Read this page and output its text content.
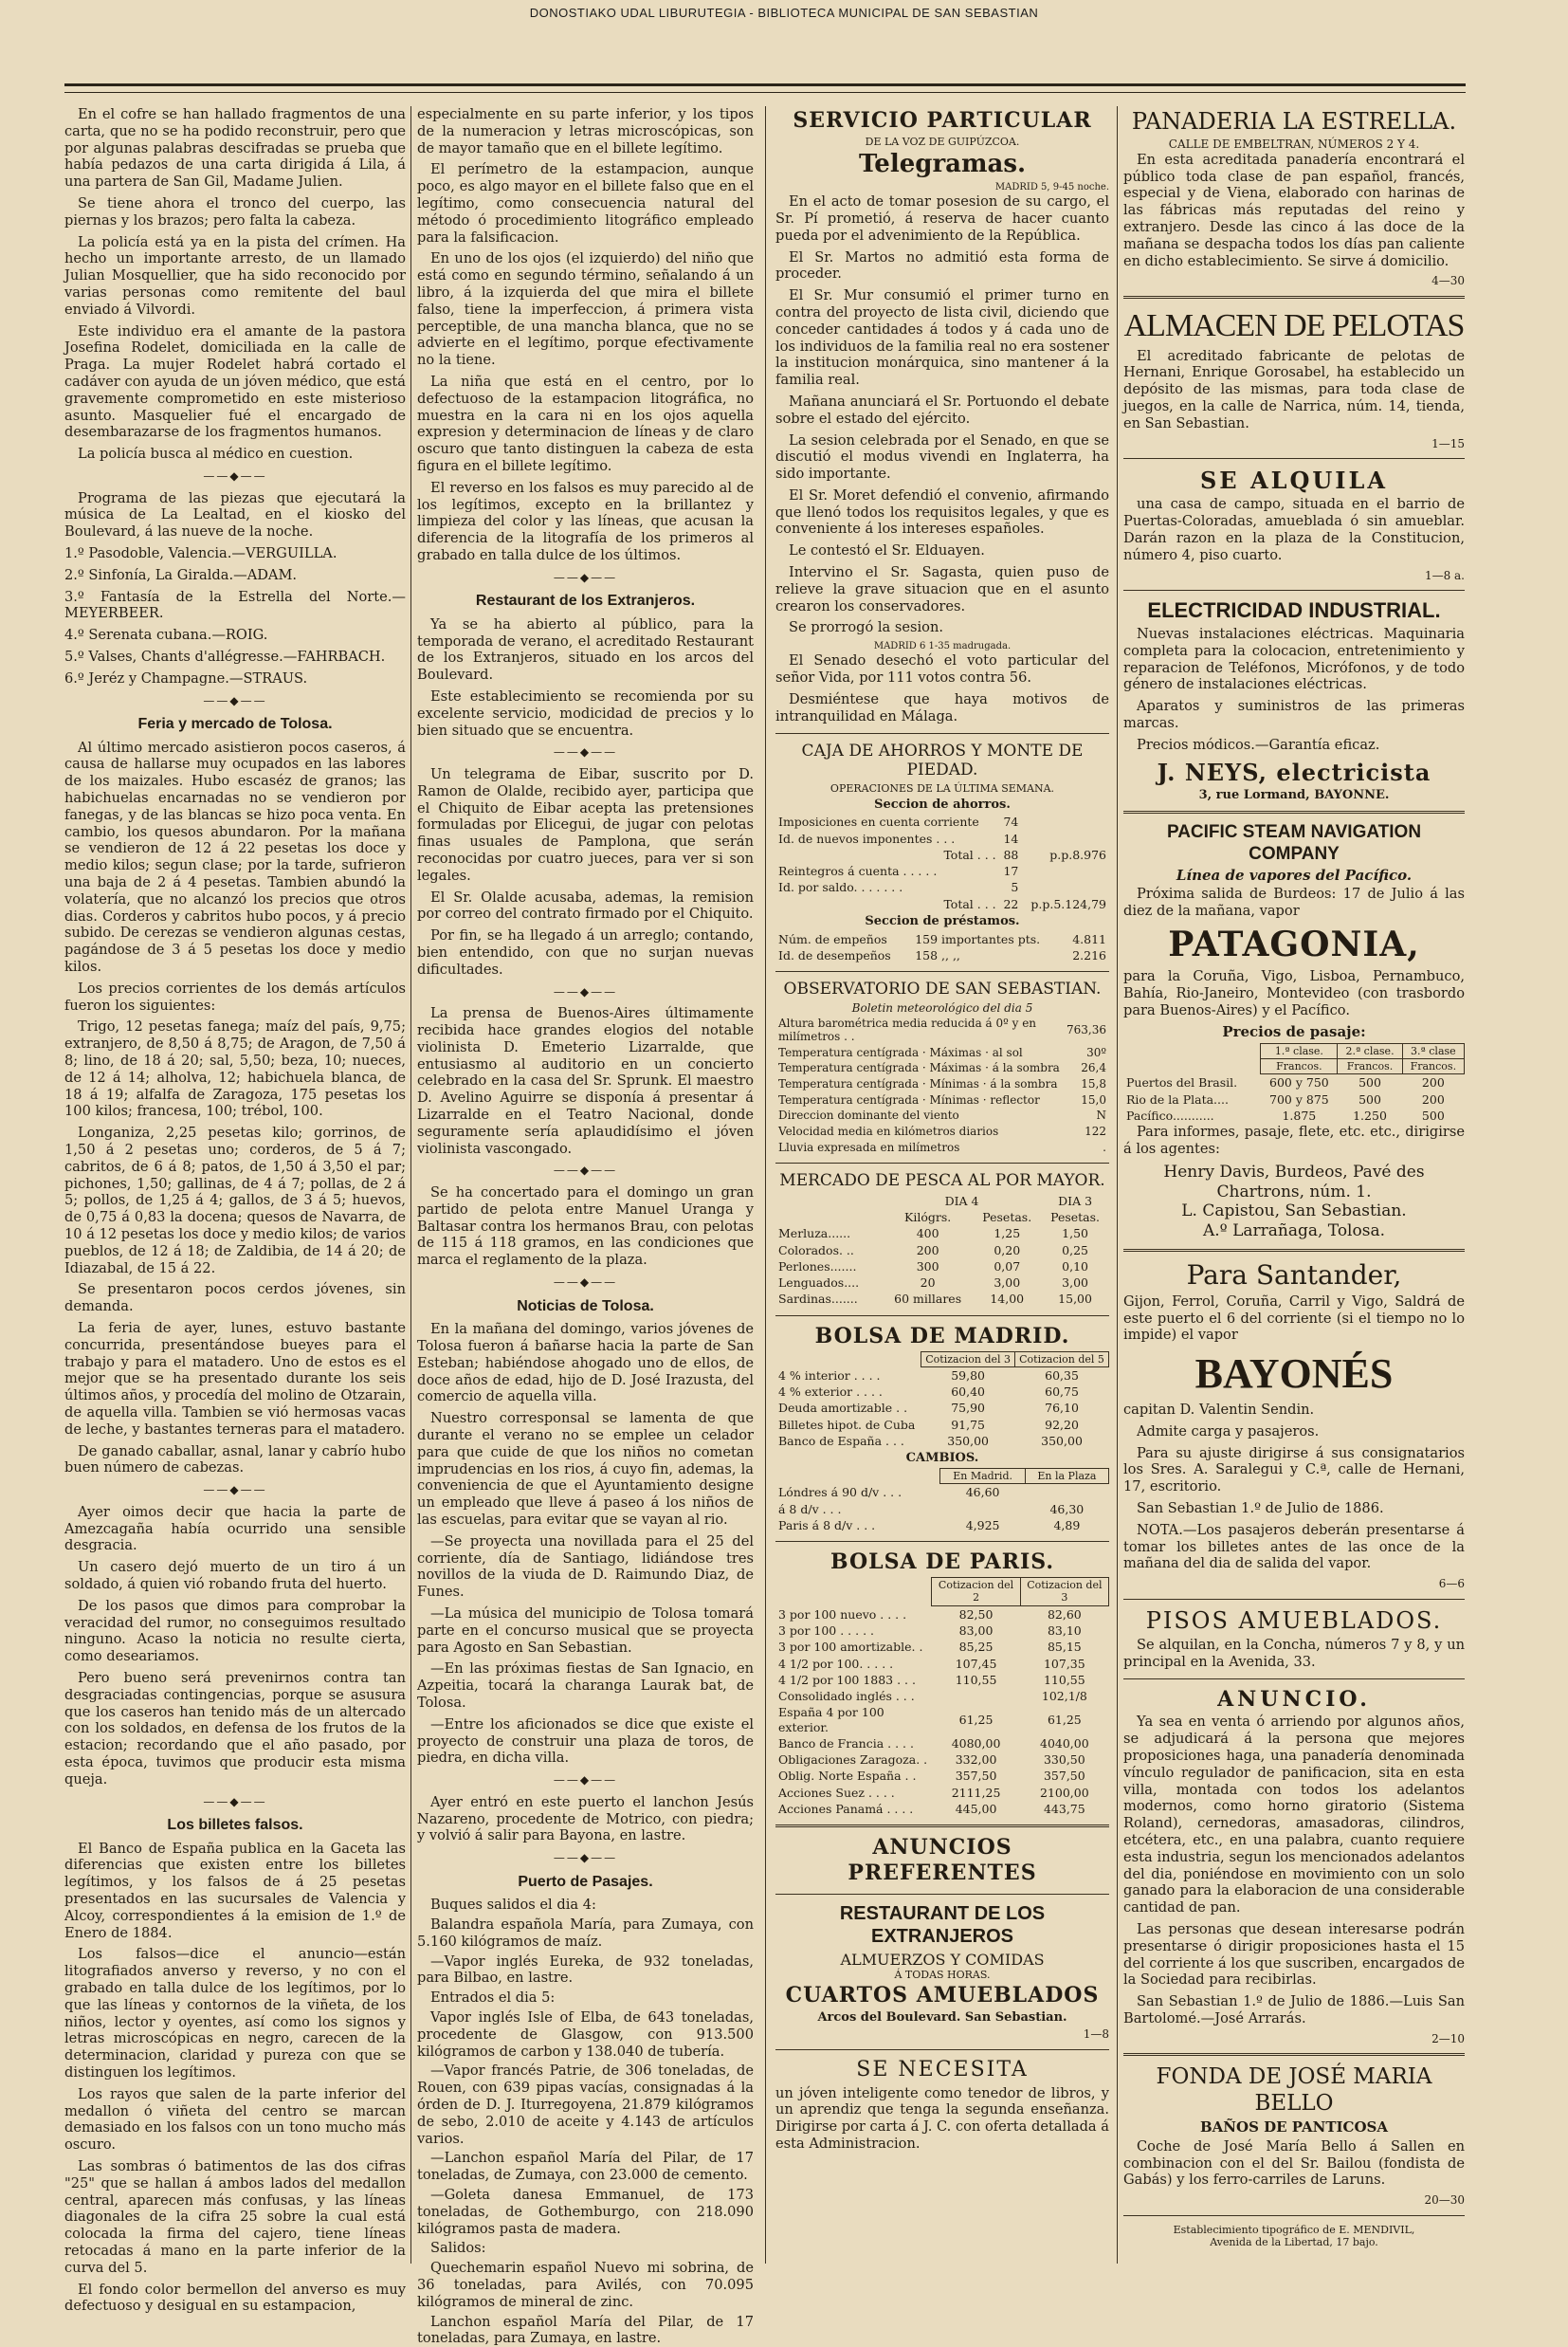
DONOSTIAKO UDAL LIBURUTEGIA - BIBLIOTECA MUNICIPAL DE SAN SEBASTIAN

En el cofre se han hallado fragmentos de una carta, que no se ha podido reconstruir, pero que por algunas palabras descifradas se prueba que había pedazos de una carta dirigida á Lila, á una partera de San Gil, Madame Julien.

Se tiene ahora el tronco del cuerpo, las piernas y los brazos; pero falta la cabeza.

La policía está ya en la pista del crímen. Ha hecho un importante arresto, de un llamado Julian Mosquellier, que ha sido reconocido por varias personas como remitente del baul enviado á Vilvordi.

Este individuo era el amante de la pastora Josefina Rodelet, domiciliada en la calle de Praga. La mujer Rodelet habrá cortado el cadáver con ayuda de un jóven médico, que está gravemente comprometido en este misterioso asunto. Masquelier fué el encargado de desembarazarse de los fragmentos humanos.

La policía busca al médico en cuestion.

——◆——

Programa de las piezas que ejecutará la música de La Lealtad, en el kiosko del Boulevard, á las nueve de la noche.

1.º Pasodoble, Valencia.—VERGUILLA.

2.º Sinfonía, La Giralda.—ADAM.

3.º Fantasía de la Estrella del Norte.—MEYERBEER.

4.º Serenata cubana.—ROIG.

5.º Valses, Chants d'allégresse.—FAHRBACH.

6.º Jeréz y Champagne.—STRAUS.

——◆——
Feria y mercado de Tolosa.

Al último mercado asistieron pocos caseros, á causa de hallarse muy ocupados en las labores de los maizales. Hubo escaséz de granos; las habichuelas encarnadas no se vendieron por fanegas, y de las blancas se hizo poca venta. En cambio, los quesos abundaron. Por la mañana se vendieron de 12 á 22 pesetas los doce y medio kilos; segun clase; por la tarde, sufrieron una baja de 2 á 4 pesetas. Tambien abundó la volatería, que no alcanzó los precios que otros dias. Corderos y cabritos hubo pocos, y á precio subido. De cerezas se vendieron algunas cestas, pagándose de 3 á 5 pesetas los doce y medio kilos.

Los precios corrientes de los demás artículos fueron los siguientes:

Trigo, 12 pesetas fanega; maíz del país, 9,75; extranjero, de 8,50 á 8,75; de Aragon, de 7,50 á 8; lino, de 18 á 20; sal, 5,50; beza, 10; nueces, de 12 á 14; alholva, 12; habichuela blanca, de 18 á 19; alfalfa de Zaragoza, 175 pesetas los 100 kilos; francesa, 100; trébol, 100.

Longaniza, 2,25 pesetas kilo; gorrinos, de 1,50 á 2 pesetas uno; corderos, de 5 á 7; cabritos, de 6 á 8; patos, de 1,50 á 3,50 el par; pichones, 1,50; gallinas, de 4 á 7; pollas, de 2 á 5; pollos, de 1,25 á 4; gallos, de 3 á 5; huevos, de 0,75 á 0,83 la docena; quesos de Navarra, de 10 á 12 pesetas los doce y medio kilos; de varios pueblos, de 12 á 18; de Zaldibia, de 14 á 20; de Idiazabal, de 15 á 22.

Se presentaron pocos cerdos jóvenes, sin demanda.

La feria de ayer, lunes, estuvo bastante concurrida, presentándose bueyes para el trabajo y para el matadero. Uno de estos es el mejor que se ha presentado durante los seis últimos años, y procedía del molino de Otzarain, de aquella villa. Tambien se vió hermosas vacas de leche, y bastantes terneras para el matadero.

De ganado caballar, asnal, lanar y cabrío hubo buen número de cabezas.

——◆——

Ayer oimos decir que hacia la parte de Amezcagaña había ocurrido una sensible desgracia.

Un casero dejó muerto de un tiro á un soldado, á quien vió robando fruta del huerto.

De los pasos que dimos para comprobar la veracidad del rumor, no conseguimos resultado ninguno. Acaso la noticia no resulte cierta, como deseariamos.

Pero bueno será prevenirnos contra tan desgraciadas contingencias, porque se asusura que los caseros han tenido más de un altercado con los soldados, en defensa de los frutos de la estacion; recordando que el año pasado, por esta época, tuvimos que producir esta misma queja.

——◆——
Los billetes falsos.

El Banco de España publica en la Gaceta las diferencias que existen entre los billetes legítimos, y los falsos de á 25 pesetas presentados en las sucursales de Valencia y Alcoy, correspondientes á la emision de 1.º de Enero de 1884.

Los falsos—dice el anuncio—están litografiados anverso y reverso, y no con el grabado en talla dulce de los legítimos, por lo que las líneas y contornos de la viñeta, de los niños, lector y oyentes, así como los signos y letras microscópicas en negro, carecen de la determinacion, claridad y pureza con que se distinguen los legítimos.

Los rayos que salen de la parte inferior del medallon ó viñeta del centro se marcan demasiado en los falsos con un tono mucho más oscuro.

Las sombras ó batimentos de las dos cifras "25" que se hallan á ambos lados del medallon central, aparecen más confusas, y las líneas diagonales de la cifra 25 sobre la cual está colocada la firma del cajero, tiene líneas retocadas á mano en la parte inferior de la curva del 5.

El fondo color bermellon del anverso es muy defectuoso y desigual en su estampacion,

especialmente en su parte inferior, y los tipos de la numeracion y letras microscópicas, son de mayor tamaño que en el billete legítimo.

El perímetro de la estampacion, aunque poco, es algo mayor en el billete falso que en el legítimo, como consecuencia natural del método ó procedimiento litográfico empleado para la falsificacion.

En uno de los ojos (el izquierdo) del niño que está como en segundo término, señalando á un libro, á la izquierda del que mira el billete falso, tiene la imperfeccion, á primera vista perceptible, de una mancha blanca, que no se advierte en el legítimo, porque efectivamente no la tiene.

La niña que está en el centro, por lo defectuoso de la estampacion litográfica, no muestra en la cara ni en los ojos aquella expresion y determinacion de líneas y de claro oscuro que tanto distinguen la cabeza de esta figura en el billete legítimo.

El reverso en los falsos es muy parecido al de los legítimos, excepto en la brillantez y limpieza del color y las líneas, que acusan la diferencia de la litografía de los primeros al grabado en talla dulce de los últimos.

——◆——
Restaurant de los Extranjeros.

Ya se ha abierto al público, para la temporada de verano, el acreditado Restaurant de los Extranjeros, situado en los arcos del Boulevard.

Este establecimiento se recomienda por su excelente servicio, modicidad de precios y lo bien situado que se encuentra.

——◆——

Un telegrama de Eibar, suscrito por D. Ramon de Olalde, recibido ayer, participa que el Chiquito de Eibar acepta las pretensiones formuladas por Elicegui, de jugar con pelotas finas usuales de Pamplona, que serán reconocidas por cuatro jueces, para ver si son legales.

El Sr. Olalde acusaba, ademas, la remision por correo del contrato firmado por el Chiquito.

Por fin, se ha llegado á un arreglo; contando, bien entendido, con que no surjan nuevas dificultades.

——◆——

La prensa de Buenos-Aires últimamente recibida hace grandes elogios del notable violinista D. Emeterio Lizarralde, que entusiasmo al auditorio en un concierto celebrado en la casa del Sr. Sprunk. El maestro D. Avelino Aguirre se disponía á presentar á Lizarralde en el Teatro Nacional, donde seguramente sería aplaudidísimo el jóven violinista vascongado.

——◆——

Se ha concertado para el domingo un gran partido de pelota entre Manuel Uranga y Baltasar contra los hermanos Brau, con pelotas de 115 á 118 gramos, en las condiciones que marca el reglamento de la plaza.

——◆——
Noticias de Tolosa.

En la mañana del domingo, varios jóvenes de Tolosa fueron á bañarse hacia la parte de San Esteban; habiéndose ahogado uno de ellos, de doce años de edad, hijo de D. José Irazusta, del comercio de aquella villa.

Nuestro corresponsal se lamenta de que durante el verano no se emplee un celador para que cuide de que los niños no cometan imprudencias en los rios, á cuyo fin, ademas, la conveniencia de que el Ayuntamiento designe un empleado que lleve á paseo á los niños de las escuelas, para evitar que se vayan al rio.

—Se proyecta una novillada para el 25 del corriente, día de Santiago, lidiándose tres novillos de la viuda de D. Raimundo Diaz, de Funes.

—La música del municipio de Tolosa tomará parte en el concurso musical que se proyecta para Agosto en San Sebastian.

—En las próximas fiestas de San Ignacio, en Azpeitia, tocará la charanga Laurak bat, de Tolosa.

—Entre los aficionados se dice que existe el proyecto de construir una plaza de toros, de piedra, en dicha villa.

——◆——

Ayer entró en este puerto el lanchon Jesús Nazareno, procedente de Motrico, con piedra; y volvió á salir para Bayona, en lastre.

——◆——
Puerto de Pasajes.

Buques salidos el dia 4:

Balandra española María, para Zumaya, con 5.160 kilógramos de maíz.

—Vapor inglés Eureka, de 932 toneladas, para Bilbao, en lastre.

Entrados el dia 5:

Vapor inglés Isle of Elba, de 643 toneladas, procedente de Glasgow, con 913.500 kilógramos de carbon y 138.040 de tubería.

—Vapor francés Patrie, de 306 toneladas, de Rouen, con 639 pipas vacías, consignadas á la órden de D. J. Iturregoyena, 21.879 kilógramos de sebo, 2.010 de aceite y 4.143 de artículos varios.

—Lanchon español María del Pilar, de 17 toneladas, de Zumaya, con 23.000 de cemento.

—Goleta danesa Emmanuel, de 173 toneladas, de Gothemburgo, con 218.090 kilógramos pasta de madera.

Salidos:

Quechemarin español Nuevo mi sobrina, de 36 toneladas, para Avilés, con 70.095 kilógramos de mineral de zinc.

Lanchon español María del Pilar, de 17 toneladas, para Zumaya, en lastre.

SERVICIO PARTICULAR
DE LA VOZ DE GUIPÚZCOA.
Telegramas.
MADRID 5, 9-45 noche.

En el acto de tomar posesion de su cargo, el Sr. Pí prometió, á reserva de hacer cuanto pueda por el advenimiento de la República.

El Sr. Martos no admitió esta forma de proceder.

El Sr. Mur consumió el primer turno en contra del proyecto de lista civil, diciendo que conceder cantidades á todos y á cada uno de los individuos de la familia real no era sostener la institucion monárquica, sino mantener á la familia real.

Mañana anunciará el Sr. Portuondo el debate sobre el estado del ejército.

La sesion celebrada por el Senado, en que se discutió el modus vivendi en Inglaterra, ha sido importante.

El Sr. Moret defendió el convenio, afirmando que llenó todos los requisitos legales, y que es conveniente á los intereses españoles.

Le contestó el Sr. Elduayen.

Intervino el Sr. Sagasta, quien puso de relieve la grave situacion que en el asunto crearon los conservadores.

Se prorrogó la sesion.

MADRID 6 1-35 madrugada.

El Senado desechó el voto particular del señor Vida, por 111 votos contra 56.

Desmiéntese que haya motivos de intranquilidad en Málaga.

CAJA DE AHORROS Y MONTE DE PIEDAD.
OPERACIONES DE LA ÚLTIMA SEMANA.
Seccion de ahorros.
Imposiciones en cuenta corriente	74	
Id. de nuevos imponentes . . .	14	
Total . . .	88	p.p.8.976
Reintegros á cuenta . . . . .	17	
Id. por saldo. . . . . . .	5	
Total . . .	22	p.p.5.124,79
Seccion de préstamos.
Núm. de empeños	159 importantes pts.	4.811
Id. de desempeños	158 ,, ,,	2.216
OBSERVATORIO DE SAN SEBASTIAN.
Boletin meteorológico del dia 5
Altura barométrica media reducida á 0º y en milímetros . .	763,36
Temperatura centígrada · Máximas · al sol	30º
Temperatura centígrada · Máximas · á la sombra	26,4
Temperatura centígrada · Mínimas · á la sombra	15,8
Temperatura centígrada · Mínimas · reflector	15,0
Direccion dominante del viento	N
Velocidad media en kilómetros diarios	122
Lluvia expresada en milímetros	.
MERCADO DE PESCA AL POR MAYOR.
	DIA 4		DIA 3
	Kilógrs.	Pesetas.	Pesetas.
Merluza......	400	1,25	1,50
Colorados. ..	200	0,20	0,25
Perlones.......	300	0,07	0,10
Lenguados....	20	3,00	3,00
Sardinas.......	60 millares	14,00	15,00
BOLSA DE MADRID.
	Cotizacion del 3	Cotizacion del 5
4 % interior . . . .	59,80	60,35
4 % exterior . . . .	60,40	60,75
Deuda amortizable . .	75,90	76,10
Billetes hipot. de Cuba	91,75	92,20
Banco de España . . .	350,00	350,00
CAMBIOS.
	En Madrid.	En la Plaza
Lóndres á 90 d/v . . .	46,60	
á 8 d/v . . .		46,30
Paris á 8 d/v . . .	4,925	4,89
BOLSA DE PARIS.
	Cotizacion del 2	Cotizacion del 3
3 por 100 nuevo . . . .	82,50	82,60
3 por 100 . . . . .	83,00	83,10
3 por 100 amortizable. .	85,25	85,15
4 1/2 por 100. . . . .	107,45	107,35
4 1/2 por 100 1883 . . .	110,55	110,55
Consolidado inglés . . .		102,1/8
España 4 por 100 exterior.	61,25	61,25
Banco de Francia . . . .	4080,00	4040,00
Obligaciones Zaragoza. .	332,00	330,50
Oblig. Norte España . .	357,50	357,50
Acciones Suez . . . .	2111,25	2100,00
Acciones Panamá . . . .	445,00	443,75
ANUNCIOS PREFERENTES
RESTAURANT DE LOS EXTRANJEROS
ALMUERZOS Y COMIDAS
Á TODAS HORAS.
CUARTOS AMUEBLADOS
Arcos del Boulevard. San Sebastian.
1—8
SE NECESITA

un jóven inteligente como tenedor de libros, y un aprendiz que tenga la segunda enseñanza. Dirigirse por carta á J. C. con oferta detallada á esta Administracion.

PANADERIA LA ESTRELLA.
CALLE DE EMBELTRAN, NÚMEROS 2 Y 4.

En esta acreditada panadería encontrará el público toda clase de pan español, francés, especial y de Viena, elaborado con harinas de las fábricas más reputadas del reino y extranjero. Desde las cinco á las doce de la mañana se despacha todos los días pan caliente en dicho establecimiento. Se sirve á domicilio.

4—30
ALMACEN DE PELOTAS

El acreditado fabricante de pelotas de Hernani, Enrique Gorosabel, ha establecido un depósito de las mismas, para toda clase de juegos, en la calle de Narrica, núm. 14, tienda, en San Sebastian.

1—15
SE ALQUILA

una casa de campo, situada en el barrio de Puertas-Coloradas, amueblada ó sin amueblar. Darán razon en la plaza de la Constitucion, número 4, piso cuarto.

1—8 a.
ELECTRICIDAD INDUSTRIAL.

Nuevas instalaciones eléctricas. Maquinaria completa para la colocacion, entretenimiento y reparacion de Teléfonos, Micrófonos, y de todo género de instalaciones eléctricas.

Aparatos y suministros de las primeras marcas.

Precios módicos.—Garantía eficaz.

J. NEYS, electricista
3, rue Lormand, BAYONNE.
PACIFIC STEAM NAVIGATION COMPANY
Línea de vapores del Pacífico.

Próxima salida de Burdeos: 17 de Julio á las diez de la mañana, vapor

PATAGONIA,

para la Coruña, Vigo, Lisboa, Pernambuco, Bahía, Rio-Janeiro, Montevideo (con trasbordo para Buenos-Aires) y el Pacífico.

Precios de pasaje:
	1.ª clase.	2.ª clase.	3.ª clase
	Francos.	Francos.	Francos.
Puertos del Brasil.	600 y 750	500	200
Rio de la Plata....	700 y 875	500	200
Pacífico...........	1.875	1.250	500

Para informes, pasaje, flete, etc. etc., dirigirse á los agentes:

Henry Davis, Burdeos, Pavé des Chartrons, núm. 1.
L. Capistou, San Sebastian.
A.º Larrañaga, Tolosa.
Para Santander,

Gijon, Ferrol, Coruña, Carril y Vigo, Saldrá de este puerto el 6 del corriente (si el tiempo no lo impide) el vapor

BAYONÉS

capitan D. Valentin Sendin.

Admite carga y pasajeros.

Para su ajuste dirigirse á sus consignatarios los Sres. A. Saralegui y C.ª, calle de Hernani, 17, escritorio.

San Sebastian 1.º de Julio de 1886.

NOTA.—Los pasajeros deberán presentarse á tomar los billetes antes de las once de la mañana del dia de salida del vapor.

6—6
PISOS AMUEBLADOS.

Se alquilan, en la Concha, números 7 y 8, y un principal en la Avenida, 33.

ANUNCIO.

Ya sea en venta ó arriendo por algunos años, se adjudicará á la persona que mejores proposiciones haga, una panadería denominada vínculo regulador de panificacion, sita en esta villa, montada con todos los adelantos modernos, como horno giratorio (Sistema Roland), cernedoras, amasadoras, cilindros, etcétera, etc., en una palabra, cuanto requiere esta industria, segun los mencionados adelantos del dia, poniéndose en movimiento con un solo ganado para la elaboracion de una considerable cantidad de pan.

Las personas que desean interesarse podrán presentarse ó dirigir proposiciones hasta el 15 del corriente á los que suscriben, encargados de la Sociedad para recibirlas.

San Sebastian 1.º de Julio de 1886.—Luis San Bartolomé.—José Arrarás.

2—10
FONDA DE JOSÉ MARIA BELLO
BAÑOS DE PANTICOSA

Coche de José María Bello á Sallen en combinacion con el del Sr. Bailou (fondista de Gabás) y los ferro-carriles de Laruns.

20—30
Establecimiento tipográfico de E. MENDIVIL,
Avenida de la Libertad, 17 bajo.
